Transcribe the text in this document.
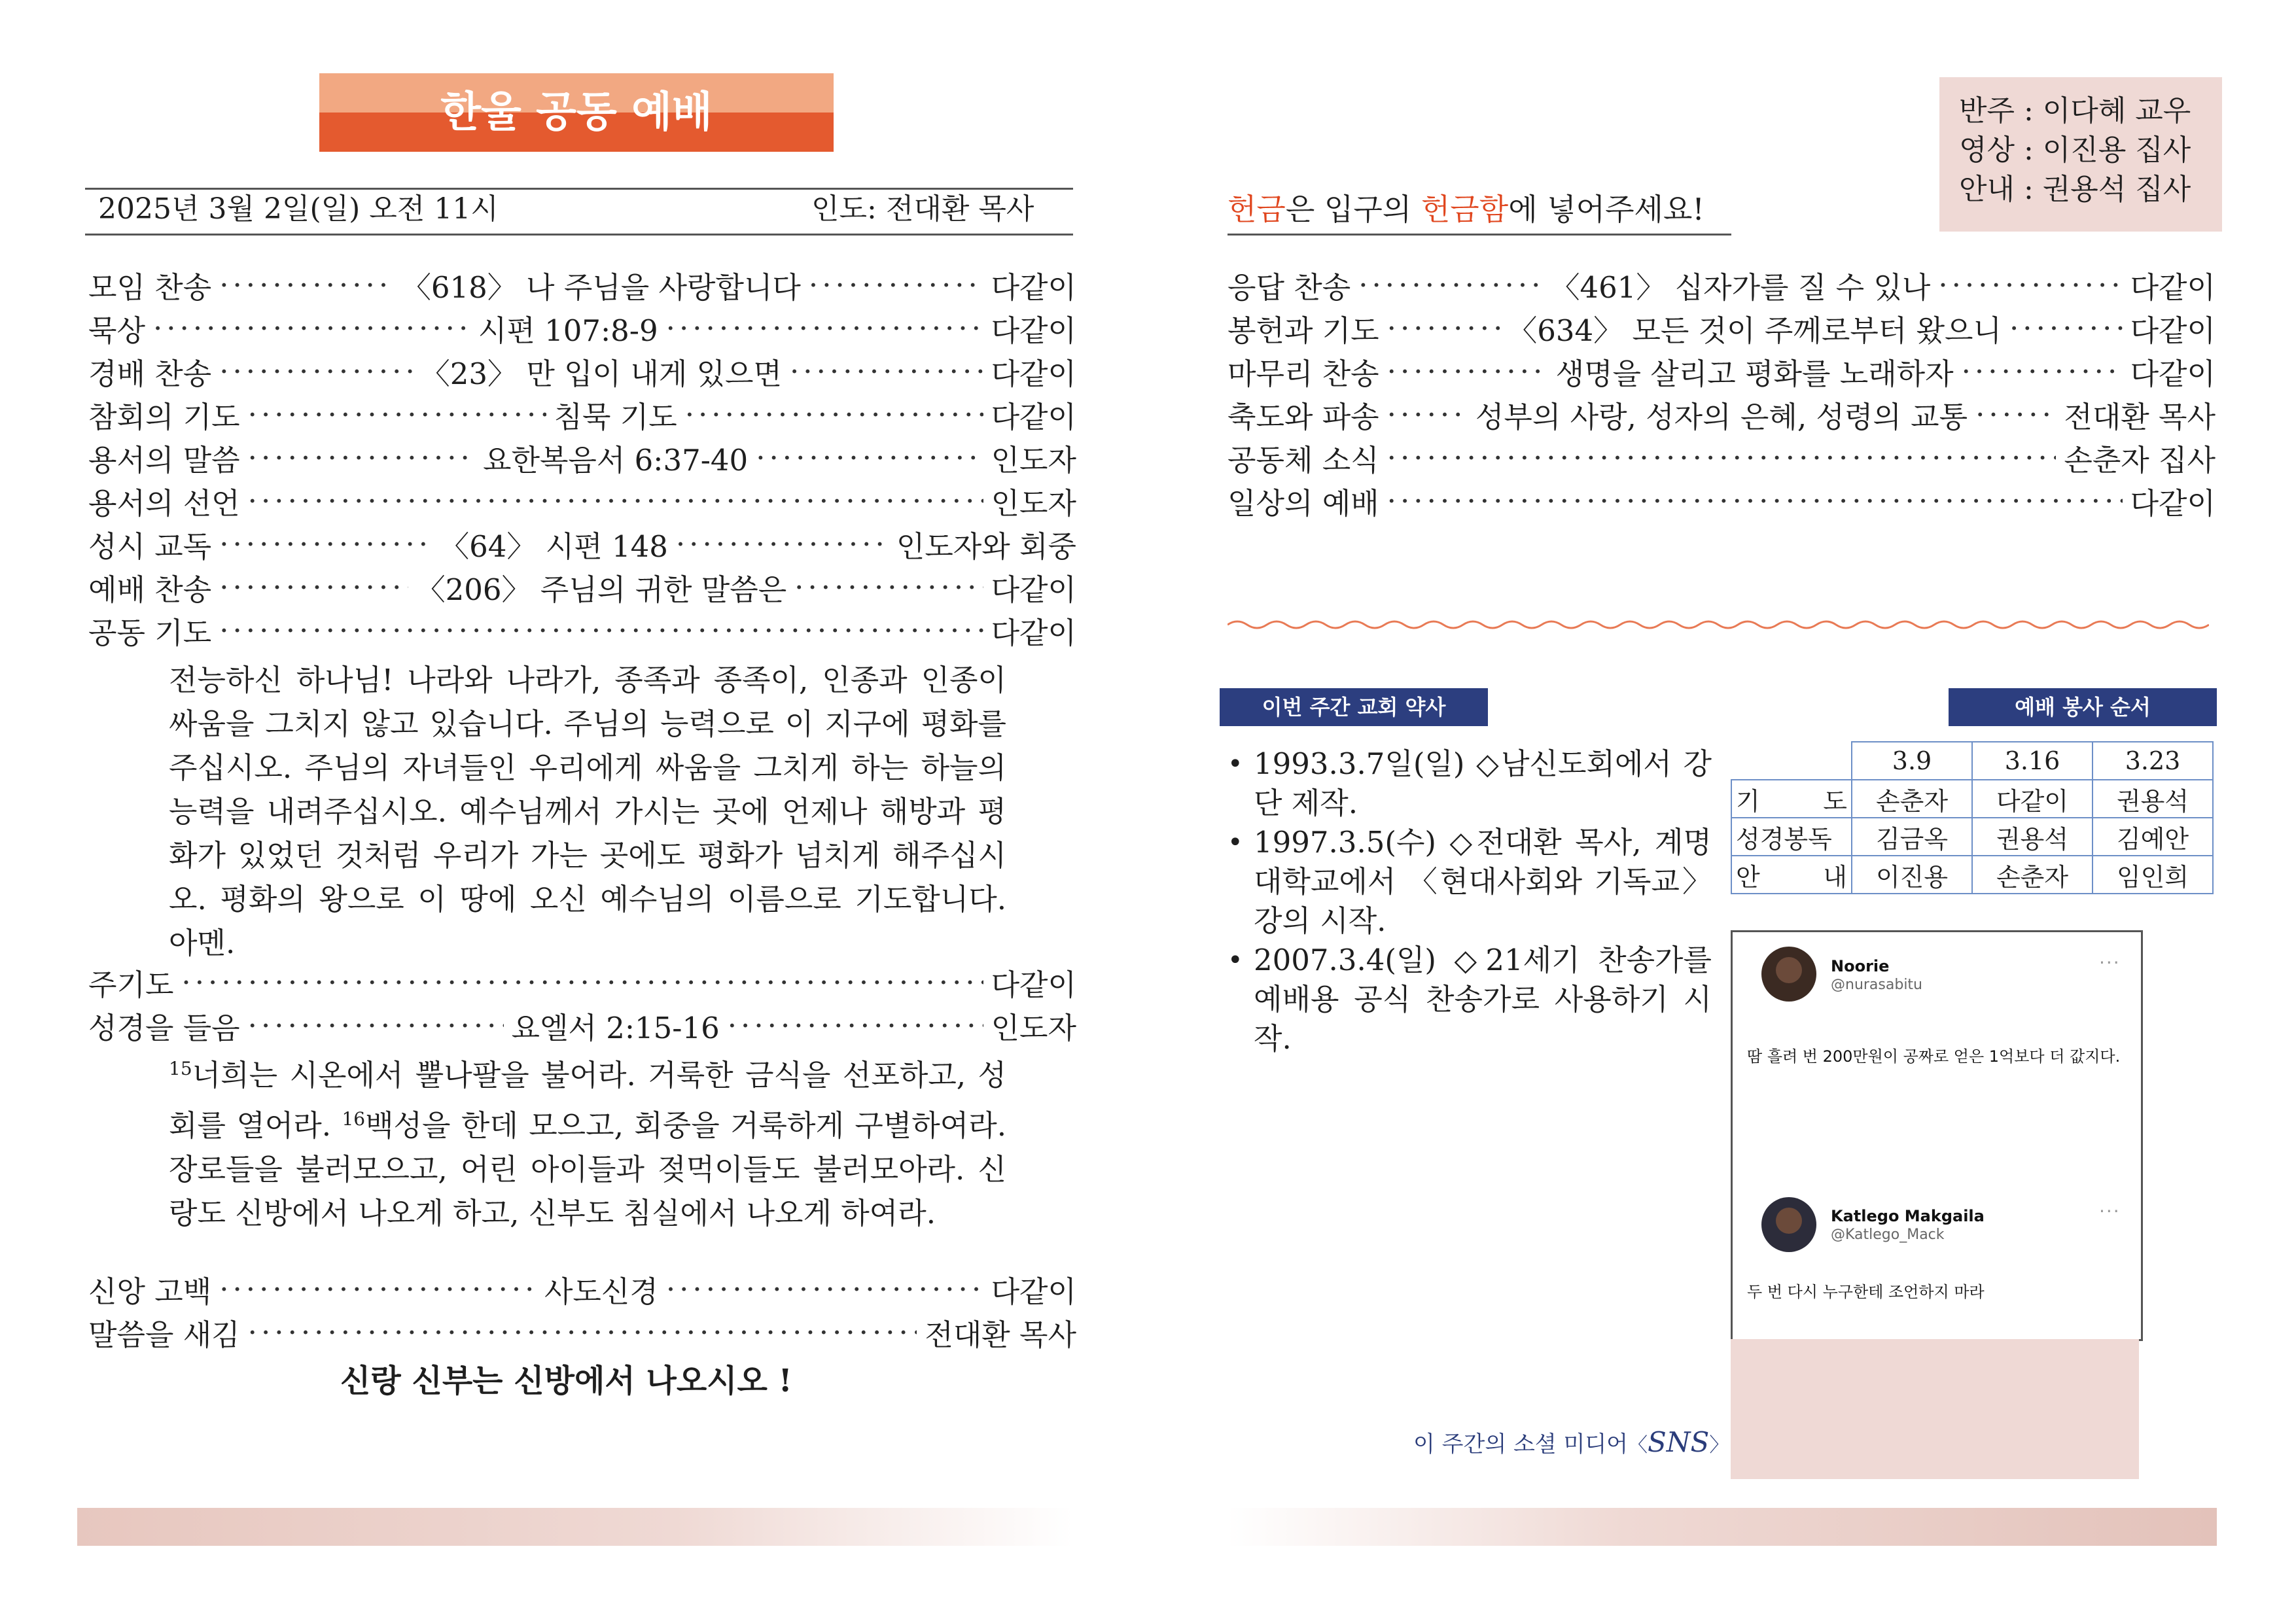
한울 공동 예배
2025년 3월 2일(일) 오전 11시	인도: 전대환 목사
모임 찬송 ·····	〈618〉 나 주님을 사랑합니다 ·····	다같이
묵상 ·····	시편 107:8-9 ·····	다같이
경배 찬송 ·····	〈23〉 만 입이 내게 있으면 ·····	다같이
참회의 기도 ·····	침묵 기도 ·····	다같이
용서의 말씀 ·····	요한복음서 6:37-40 ·····	인도자
용서의 선언 ·····	인도자
성시 교독 ·····	〈64〉 시편 148 ·····	인도자와 회중
예배 찬송 ·····	〈206〉 주님의 귀한 말씀은 ·····	다같이
공동 기도 ·····	다같이
전능하신 하나님! 나라와 나라가, 종족과 종족이, 인종과 인종이 싸움을 그치지 않고 있습니다. 주님의 능력으로 이 지구에 평화를 주십시오. 주님의 자녀들인 우리에게 싸움을 그치게 하는 하늘의 능력을 내려주십시오. 예수님께서 가시는 곳에 언제나 해방과 평화가 있었던 것처럼 우리가 가는 곳에도 평화가 넘치게 해주십시오. 평화의 왕으로 이 땅에 오신 예수님의 이름으로 기도합니다. 아멘.
주기도 ·····	다같이
성경을 들음 ·····	요엘서 2:15-16 ·····	인도자
$^{15}$너희는 시온에서 뿔나팔을 불어라. 거룩한 금식을 선포하고, 성회를 열어라. $^{16}$백성을 한데 모으고, 회중을 거룩하게 구별하여라. 장로들을 불러모으고, 어린 아이들과 젖먹이들도 불러모아라. 신랑도 신방에서 나오게 하고, 신부도 침실에서 나오게 하여라.
신앙 고백 ·····	사도신경 ·····	다같이
말씀을 새김 ·····	전대환 목사
신랑 신부는 신방에서 나오시오 !
반주 : 이다혜 교우
영상 : 이진용 집사
안내 : 권용석 집사
헌금은 입구의 헌금함에 넣어주세요!
응답 찬송 ·····	〈461〉 십자가를 질 수 있나 ·····	다같이
봉헌과 기도 ·····	〈634〉 모든 것이 주께로부터 왔으니 ·····	다같이
마무리 찬송 ·····	생명을 살리고 평화를 노래하자 ·····	다같이
축도와 파송 ·····	성부의 사랑, 성자의 은혜, 성령의 교통 ·····	전대환 목사
공동체 소식 ·····	손춘자 집사
일상의 예배 ·····	다같이
이번 주간 교회 약사	예배 봉사 순서
• 1993.3.7일(일) ◇남신도회에서 강단 제작.
• 1997.3.5(수) ◇전대환 목사, 계명대학교에서 〈현대사회와 기독교〉 강의 시작.
• 2007.3.4(일) ◇21세기 찬송가를 예배용 공식 찬송가로 사용하기 시작.
	3.9	3.16	3.23
기 도	손춘자	다같이	권용석
성경봉독	김금옥	권용석	김예안
안 내	이진용	손춘자	임인희
Noorie
@nurasabitu
···
땀 흘려 번 200만원이 공짜로 얻은 1억보다 더 값지다.
Katlego Makgaila
@Katlego_Mack
···
두 번 다시 누구한테 조언하지 마라
이 주간의 소셜 미디어〈SNS〉
